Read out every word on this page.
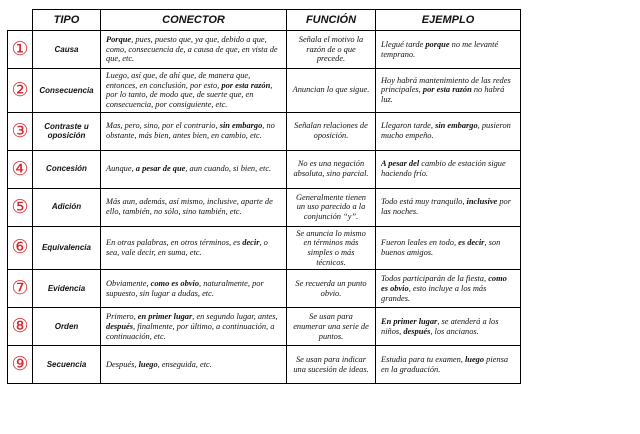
	TIPO	CONECTOR	FUNCIÓN	EJEMPLO
①	Causa	Porque, pues, puesto que, ya que, debido a que, como, consecuencia de, a causa de que, en vista de que, etc.	Señala el motivo la razón de o que precede.	Llegué tarde porque no me levanté temprano.
②	Consecuencia	Luego, así que, de ahí que, de manera que, entonces, en conclusión, por esto, por esta razón, por lo tanto, de modo que, de suerte que, en consecuencia, por consiguiente, etc.	Anuncian lo que sigue.	Hoy habrá mantenimiento de las redes principales, por esta razón no habrá luz.
③	Contraste u oposición	Mas, pero, sino, por el contrario, sin embargo, no obstante, más bien, antes bien, en cambio, etc.	Señalan relaciones de oposición.	Llegaron tarde, sin embargo, pusieron mucho empeño.
④	Concesión	Aunque, a pesar de que, aun cuando, si bien, etc.	No es una negación absoluta, sino parcial.	A pesar del cambio de estación sigue haciendo frío.
⑤	Adición	Más aun, además, así mismo, inclusive, aparte de ello, también, no sólo, sino también, etc.	Generalmente tienen un uso parecido a la conjunción “y”.	Todo está muy tranquilo, inclusive por las noches.
⑥	Equivalencia	En otras palabras, en otros términos, es decir, o sea, vale decir, en suma, etc.	Se anuncia lo mismo en términos más simples o más técnicos.	Fueron leales en todo, es decir, son buenos amigos.
⑦	Evidencia	Obviamente, como es obvio, naturalmente, por supuesto, sin lugar a dudas, etc.	Se recuerda un punto obvio.	Todos participarán de la fiesta, como es obvio, esto incluye a los más grandes.
⑧	Orden	Primero, en primer lugar, en segundo lugar, antes, después, finalmente, por último, a continuación, a continuación, etc.	Se usan para enumerar una serie de puntos.	En primer lugar, se atenderá a los niños, después, los ancianos.
⑨	Secuencia	Después, luego, enseguida, etc.	Se usan para indicar una sucesión de ideas.	Estudia para tu examen, luego piensa en la graduación.
